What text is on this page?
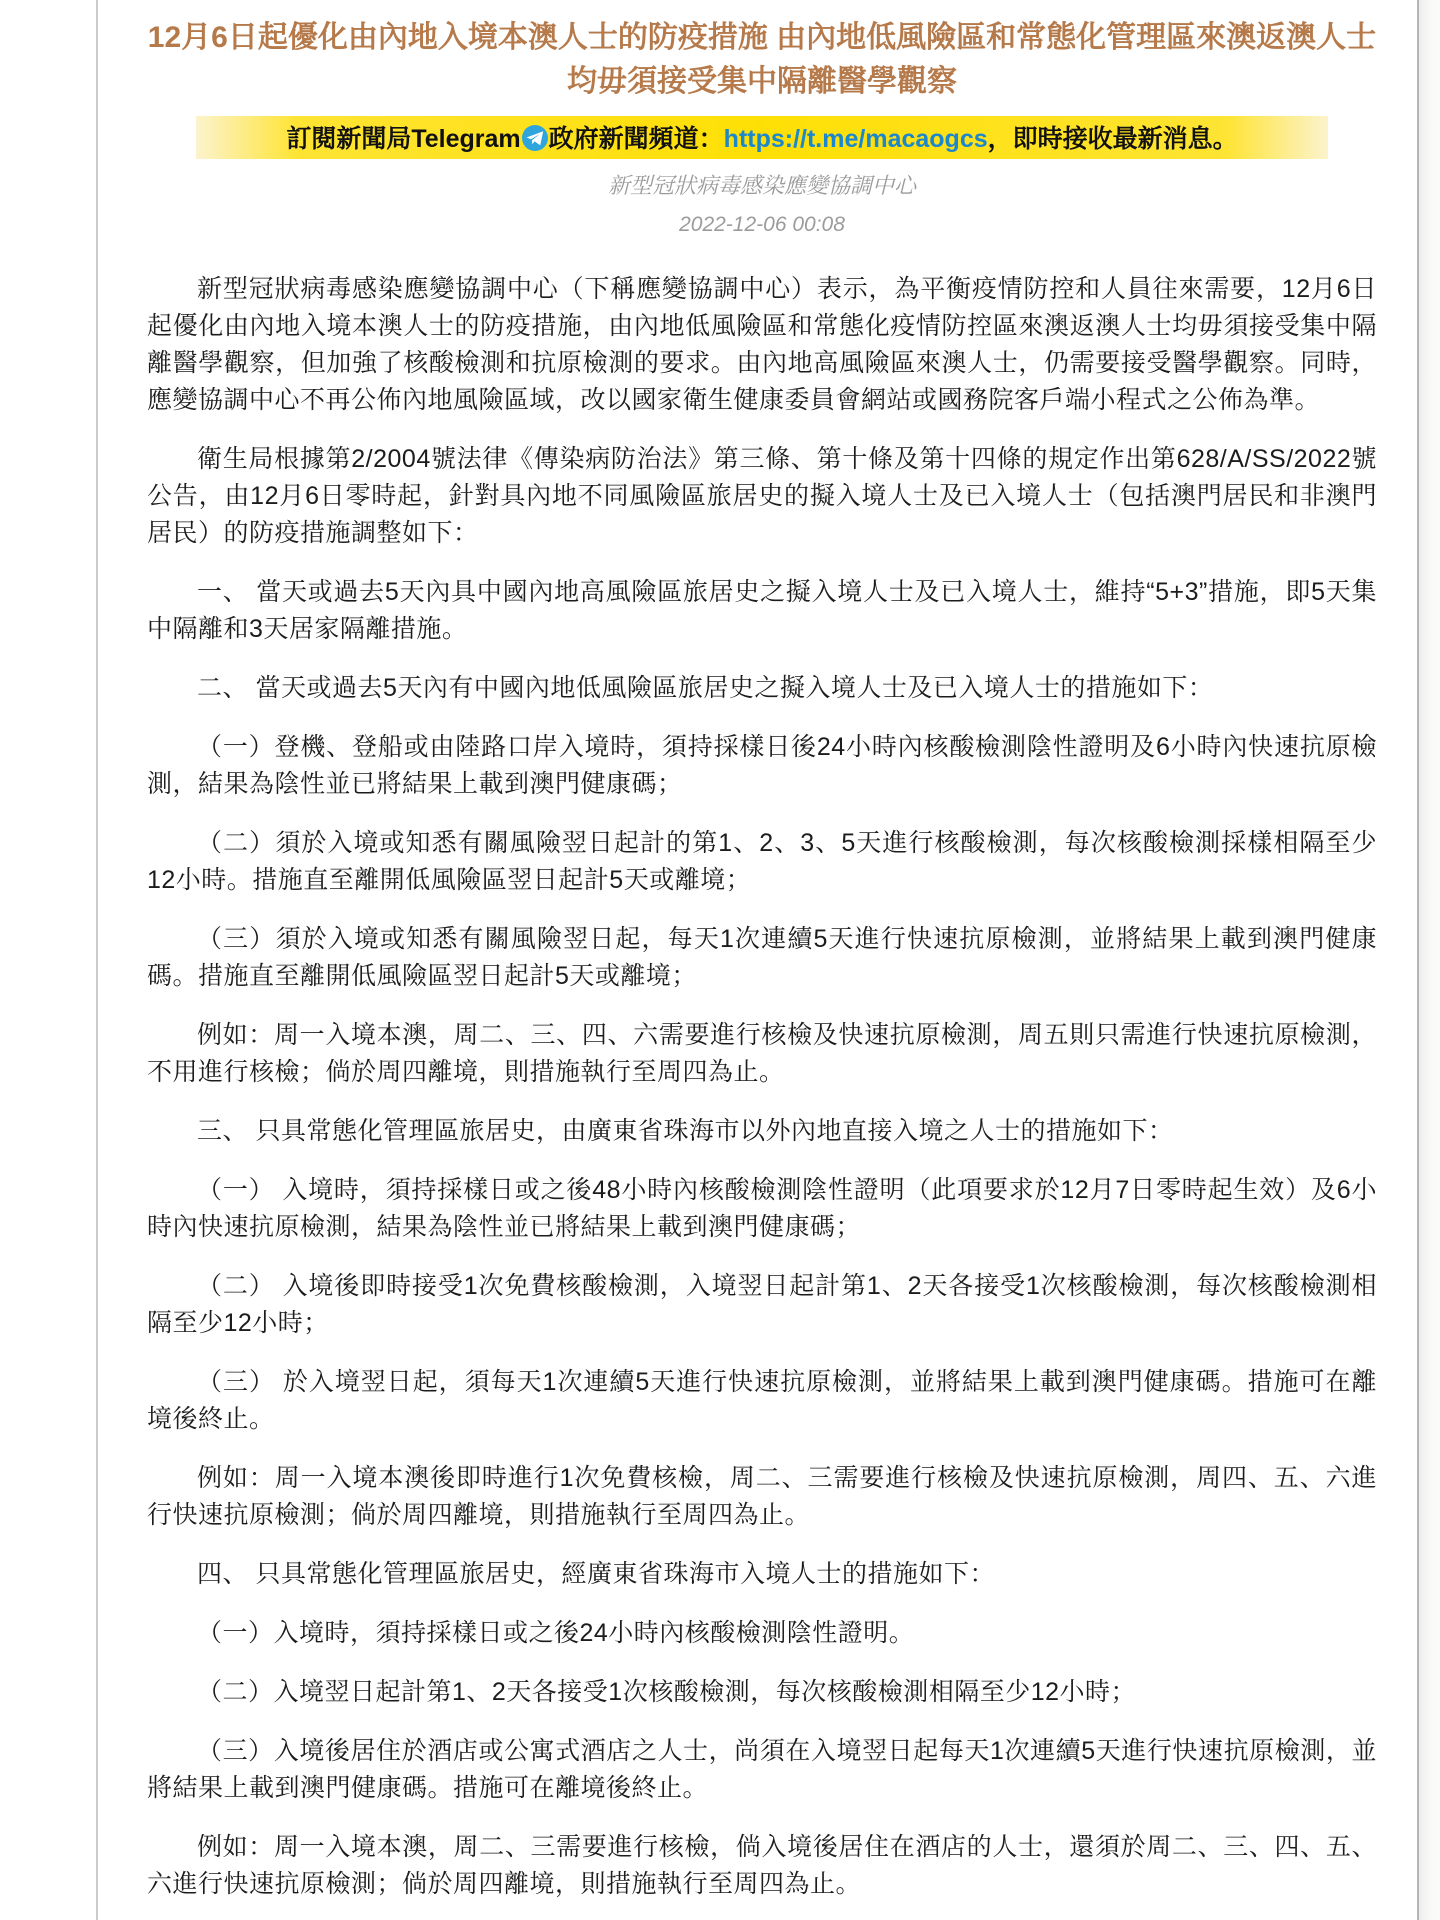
12月6日起優化由內地入境本澳人士的防疫措施 由內地低風險區和常態化管理區來澳返澳人士均毋須接受集中隔離醫學觀察
訂閱新聞局Telegram 政府新聞頻道：https://t.me/macaogcs，即時接收最新消息。
新型冠狀病毒感染應變協調中心
2022-12-06 00:08

新型冠狀病毒感染應變協調中心（下稱應變協調中心）表示，為平衡疫情防控和人員往來需要，12月6日起優化由內地入境本澳人士的防疫措施，由內地低風險區和常態化疫情防控區來澳返澳人士均毋須接受集中隔離醫學觀察，但加強了核酸檢測和抗原檢測的要求。由內地高風險區來澳人士，仍需要接受醫學觀察。同時，應變協調中心不再公佈內地風險區域，改以國家衛生健康委員會網站或國務院客戶端小程式之公佈為準。

衛生局根據第2/2004號法律《傳染病防治法》第三條、第十條及第十四條的規定作出第628/A/SS/2022號公告，由12月6日零時起，針對具內地不同風險區旅居史的擬入境人士及已入境人士（包括澳門居民和非澳門居民）的防疫措施調整如下：

一、 當天或過去5天內具中國內地高風險區旅居史之擬入境人士及已入境人士，維持“5+3”措施，即5天集中隔離和3天居家隔離措施。

二、 當天或過去5天內有中國內地低風險區旅居史之擬入境人士及已入境人士的措施如下：

（一）登機、登船或由陸路口岸入境時，須持採樣日後24小時內核酸檢測陰性證明及6小時內快速抗原檢測，結果為陰性並已將結果上載到澳門健康碼；

（二）須於入境或知悉有關風險翌日起計的第1、2、3、5天進行核酸檢測，每次核酸檢測採樣相隔至少12小時。措施直至離開低風險區翌日起計5天或離境；

（三）須於入境或知悉有關風險翌日起，每天1次連續5天進行快速抗原檢測，並將結果上載到澳門健康碼。措施直至離開低風險區翌日起計5天或離境；

例如：周一入境本澳，周二、三、四、六需要進行核檢及快速抗原檢測，周五則只需進行快速抗原檢測，不用進行核檢；倘於周四離境，則措施執行至周四為止。

三、 只具常態化管理區旅居史，由廣東省珠海市以外內地直接入境之人士的措施如下：

（一） 入境時，須持採樣日或之後48小時內核酸檢測陰性證明（此項要求於12月7日零時起生效）及6小時內快速抗原檢測，結果為陰性並已將結果上載到澳門健康碼；

（二） 入境後即時接受1次免費核酸檢測，入境翌日起計第1、2天各接受1次核酸檢測，每次核酸檢測相隔至少12小時；

（三） 於入境翌日起，須每天1次連續5天進行快速抗原檢測，並將結果上載到澳門健康碼。措施可在離境後終止。

例如：周一入境本澳後即時進行1次免費核檢，周二、三需要進行核檢及快速抗原檢測，周四、五、六進行快速抗原檢測；倘於周四離境，則措施執行至周四為止。

四、 只具常態化管理區旅居史，經廣東省珠海市入境人士的措施如下：

（一）入境時，須持採樣日或之後24小時內核酸檢測陰性證明。

（二）入境翌日起計第1、2天各接受1次核酸檢測，每次核酸檢測相隔至少12小時；

（三）入境後居住於酒店或公寓式酒店之人士，尚須在入境翌日起每天1次連續5天進行快速抗原檢測，並將結果上載到澳門健康碼。措施可在離境後終止。

例如：周一入境本澳，周二、三需要進行核檢，倘入境後居住在酒店的人士，還須於周二、三、四、五、六進行快速抗原檢測；倘於周四離境，則措施執行至周四為止。
